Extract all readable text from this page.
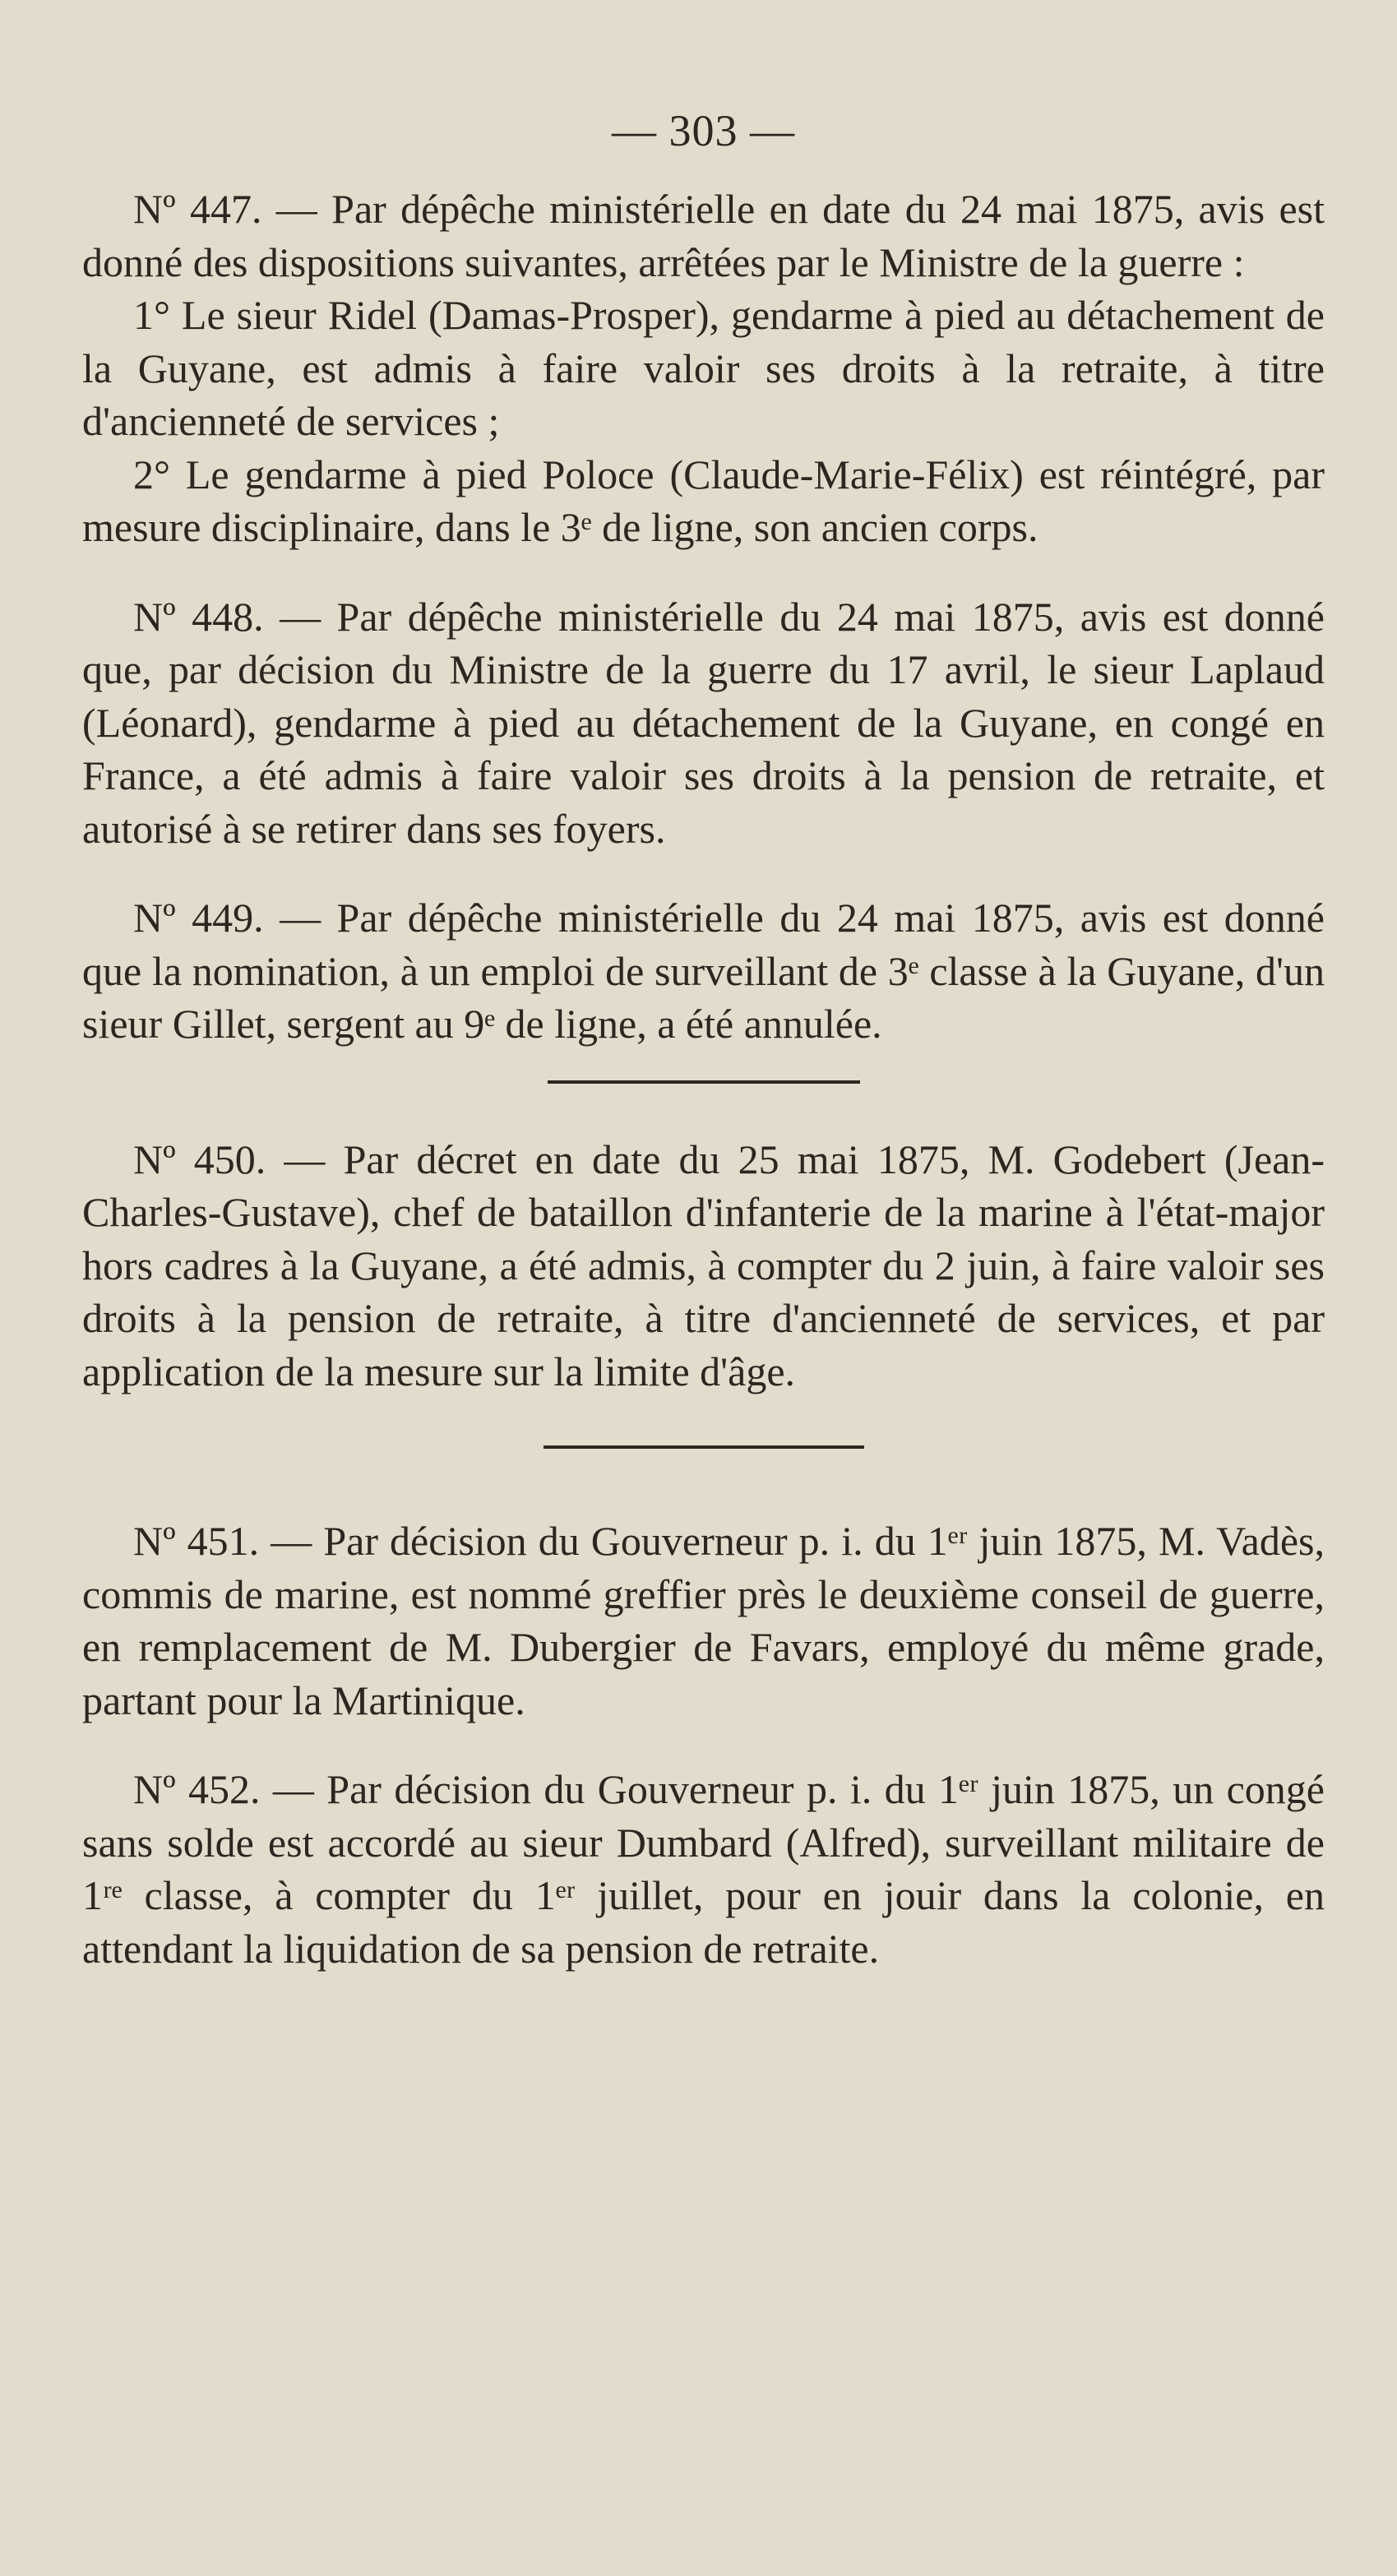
— 303 —

Nº 447. — Par dépêche ministérielle en date du 24 mai 1875, avis est donné des dispositions suivantes, arrêtées par le Ministre de la guerre :

1° Le sieur Ridel (Damas-Prosper), gendarme à pied au détachement de la Guyane, est admis à faire valoir ses droits à la retraite, à titre d'ancienneté de services ;

2° Le gendarme à pied Poloce (Claude-Marie-Félix) est réintégré, par mesure disciplinaire, dans le 3ᵉ de ligne, son ancien corps.

Nº 448. — Par dépêche ministérielle du 24 mai 1875, avis est donné que, par décision du Ministre de la guerre du 17 avril, le sieur Laplaud (Léonard), gendarme à pied au détachement de la Guyane, en congé en France, a été admis à faire valoir ses droits à la pension de retraite, et autorisé à se retirer dans ses foyers.

Nº 449. — Par dépêche ministérielle du 24 mai 1875, avis est donné que la nomination, à un emploi de surveillant de 3ᵉ classe à la Guyane, d'un sieur Gillet, sergent au 9ᵉ de ligne, a été annulée.

Nº 450. — Par décret en date du 25 mai 1875, M. Godebert (Jean-Charles-Gustave), chef de bataillon d'infanterie de la marine à l'état-major hors cadres à la Guyane, a été admis, à compter du 2 juin, à faire valoir ses droits à la pension de retraite, à titre d'ancienneté de services, et par application de la mesure sur la limite d'âge.

Nº 451. — Par décision du Gouverneur p. i. du 1ᵉʳ juin 1875, M. Vadès, commis de marine, est nommé greffier près le deuxième conseil de guerre, en remplacement de M. Dubergier de Favars, employé du même grade, partant pour la Martinique.

Nº 452. — Par décision du Gouverneur p. i. du 1ᵉʳ juin 1875, un congé sans solde est accordé au sieur Dumbard (Alfred), surveillant militaire de 1ʳᵉ classe, à compter du 1ᵉʳ juillet, pour en jouir dans la colonie, en attendant la liquidation de sa pension de retraite.
